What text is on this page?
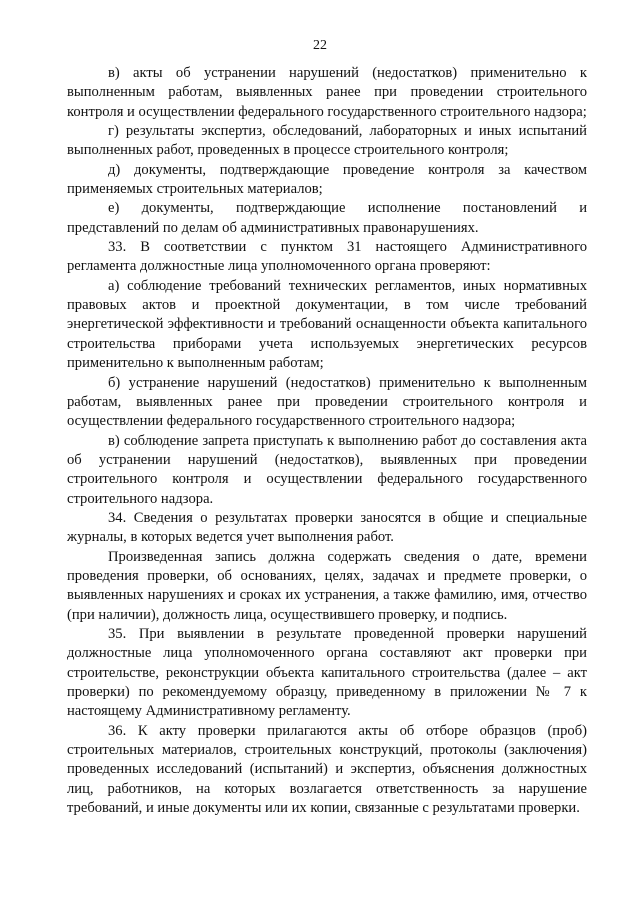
22

в) акты об устранении нарушений (недостатков) применительно к выполненным работам, выявленных ранее при проведении строительного контроля и осуществлении федерального государственного строительного надзора;

г) результаты экспертиз, обследований, лабораторных и иных испытаний выполненных работ, проведенных в процессе строительного контроля;

д) документы, подтверждающие проведение контроля за качеством применяемых строительных материалов;

е) документы, подтверждающие исполнение постановлений и представлений по делам об административных правонарушениях.

33. В соответствии с пунктом 31 настоящего Административного регламента должностные лица уполномоченного органа проверяют:

а) соблюдение требований технических регламентов, иных нормативных правовых актов и проектной документации, в том числе требований энергетической эффективности и требований оснащенности объекта капитального строительства приборами учета используемых энергетических ресурсов применительно к выполненным работам;

б) устранение нарушений (недостатков) применительно к выполненным работам, выявленных ранее при проведении строительного контроля и осуществлении федерального государственного строительного надзора;

в) соблюдение запрета приступать к выполнению работ до составления акта об устранении нарушений (недостатков), выявленных при проведении строительного контроля и осуществлении федерального государственного строительного надзора.

34. Сведения о результатах проверки заносятся в общие и специальные журналы, в которых ведется учет выполнения работ.

Произведенная запись должна содержать сведения о дате, времени проведения проверки, об основаниях, целях, задачах и предмете проверки, о выявленных нарушениях и сроках их устранения, а также фамилию, имя, отчество (при наличии), должность лица, осуществившего проверку, и подпись.

35. При выявлении в результате проведенной проверки нарушений должностные лица уполномоченного органа составляют акт проверки при строительстве, реконструкции объекта капитального строительства (далее – акт проверки) по рекомендуемому образцу, приведенному в приложении № 7 к настоящему Административному регламенту.

36. К акту проверки прилагаются акты об отборе образцов (проб) строительных материалов, строительных конструкций, протоколы (заключения) проведенных исследований (испытаний) и экспертиз, объяснения должностных лиц, работников, на которых возлагается ответственность за нарушение требований, и иные документы или их копии, связанные с результатами проверки.
